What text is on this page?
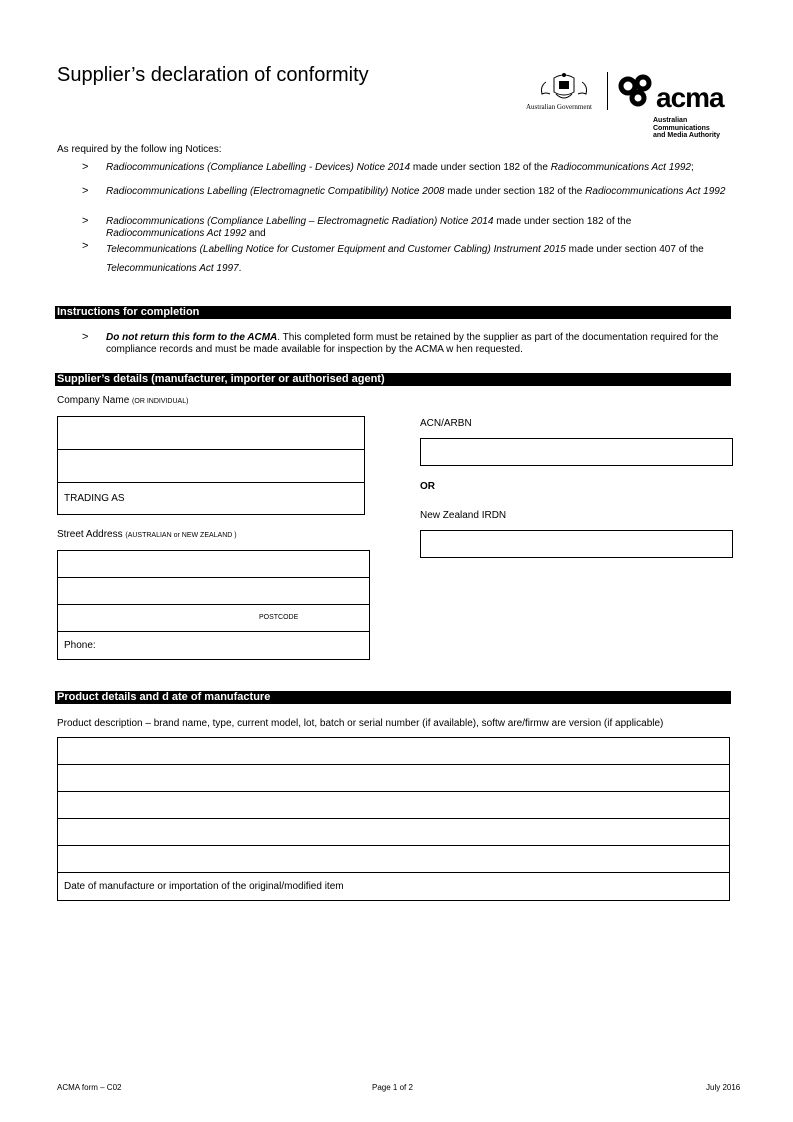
Supplier’s declaration of conformity
Australian Government acma
Australian
Communications
and Media Authority
As required by the follow ing Notices:
> Radiocommunications (Compliance Labelling - Devices) Notice 2014 made under section 182 of the Radiocommunications Act 1992;
> Radiocommunications Labelling (Electromagnetic Compatibility) Notice 2008 made under section 182 of the Radiocommunications Act 1992
> Radiocommunications (Compliance Labelling – Electromagnetic Radiation) Notice 2014 made under section 182 of the Radiocommunications Act 1992 and
> Telecommunications (Labelling Notice for Customer Equipment and Customer Cabling) Instrument 2015 made under section 407 of the Telecommunications Act 1997.
Instructions for completion
> Do not return this form to the ACMA. This completed form must be retained by the supplier as part of the documentation required for the compliance records and must be made available for inspection by the ACMA w hen requested.
Supplier’s details (manufacturer, importer or authorised agent)
Company Name (OR INDIVIDUAL)
TRADING AS
Street Address (AUSTRALIAN or NEW ZEALAND )
POSTCODE
Phone:
ACN/ARBN
OR
New Zealand IRDN
Product details and d ate of manufacture
Product description – brand name, type, current model, lot, batch or serial number (if available), softw are/firmw are version (if applicable)
Date of manufacture or importation of the original/modified item
ACMA form – C02	Page 1 of 2	July 2016
